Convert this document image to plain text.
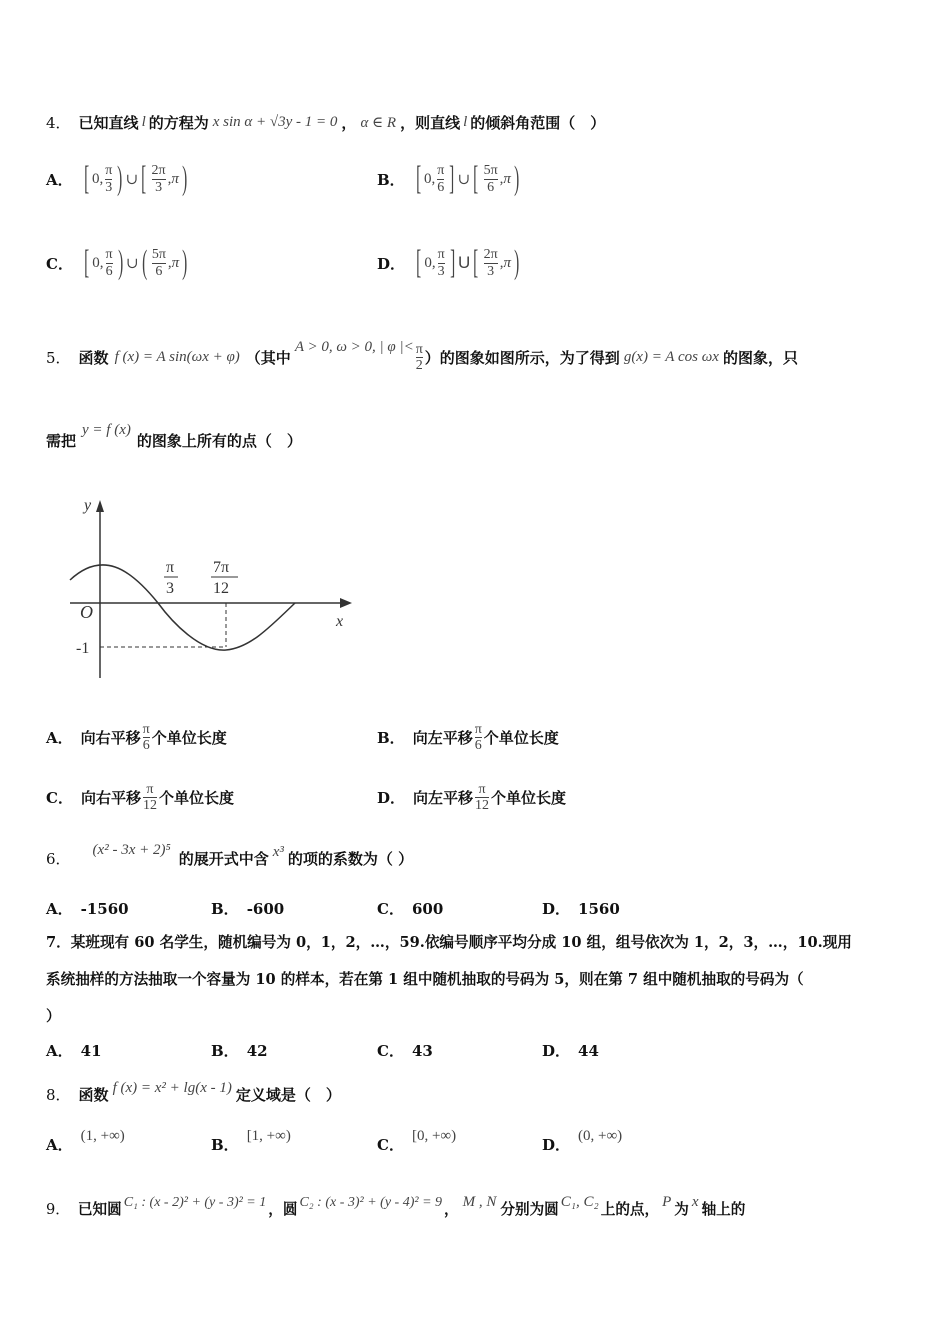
4． 已知直线 l 的方程为 x sin α + √3y - 1 = 0 ， α ∈ R ，则直线 l 的倾斜角范围（　）
A． [ 0 , $\frac{\pi}{3}$ ) ∪ [ $\frac{2\pi}{3}$ , π )	B． [ 0 , $\frac{\pi}{6}$ ] ∪ [ $\frac{5\pi}{6}$ , π )
C． [ 0 , $\frac{\pi}{6}$ ) ∪ ( $\frac{5\pi}{6}$ , π )	D． [ 0 , $\frac{\pi}{3}$ ] U [ $\frac{2\pi}{3}$ , π )
5． 函数 f (x) = A sin(ωx + φ) （其中
A > 0, ω > 0, | φ |< $\frac{\pi}{2}$ ）的图象如图所示，为了得到 g(x) = A cos ωx 的图象，只
需把
y = f (x)
的图象上所有的点（　）
y
x
O
-1
π
3
7π
12
A． 向右平移 $\frac{\pi}{6}$ 个单位长度	B． 向左平移 $\frac{\pi}{6}$ 个单位长度
C． 向右平移 $\frac{\pi}{12}$ 个单位长度	D． 向左平移 $\frac{\pi}{12}$ 个单位长度
6． (x² - 3x + 2)⁵ 的展开式中含 x³ 的项的系数为（ ）
A． -1560	B． -600	C． 600	D． 1560
7．某班现有 60 名学生，随机编号为 0，1，2，…，59.依编号顺序平均分成 10 组，组号依次为 1，2，3，…，10.现用
系统抽样的方法抽取一个容量为 10 的样本，若在第 1 组中随机抽取的号码为 5，则在第 7 组中随机抽取的号码为（
）
A． 41	B． 42	C． 43	D． 44
8． 函数 f (x) = x² + lg(x - 1) 定义域是（　）
A． (1, +∞)	B． [1, +∞)	C． [0, +∞)	D． (0, +∞)
9． 已知圆 C₁ : (x - 2)² + (y - 3)² = 1 ，圆 C₂ : (x - 3)² + (y - 4)² = 9 ， M , N 分别为圆 C₁, C₂ 上的点， P 为 x 轴上的
